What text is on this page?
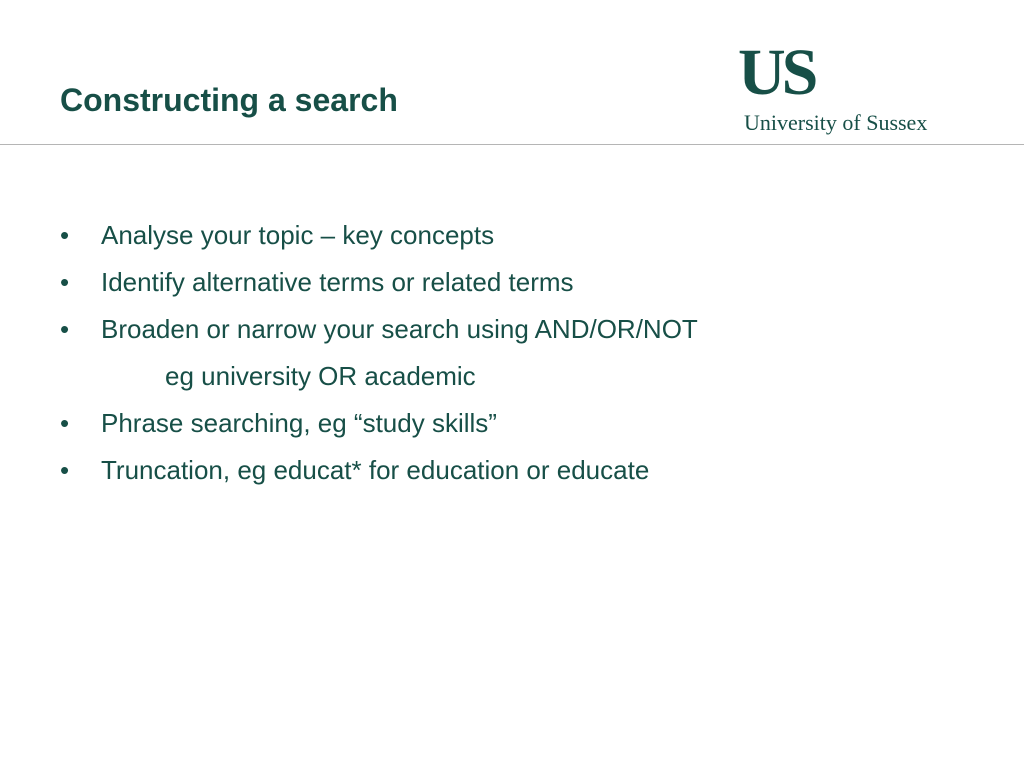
Constructing a search	US
University of Sussex
• Analyse your topic – key concepts
• Identify alternative terms or related terms
• Broaden or narrow your search using AND/OR/NOT
eg university OR academic
• Phrase searching, eg “study skills”
• Truncation, eg educat* for education or educate
